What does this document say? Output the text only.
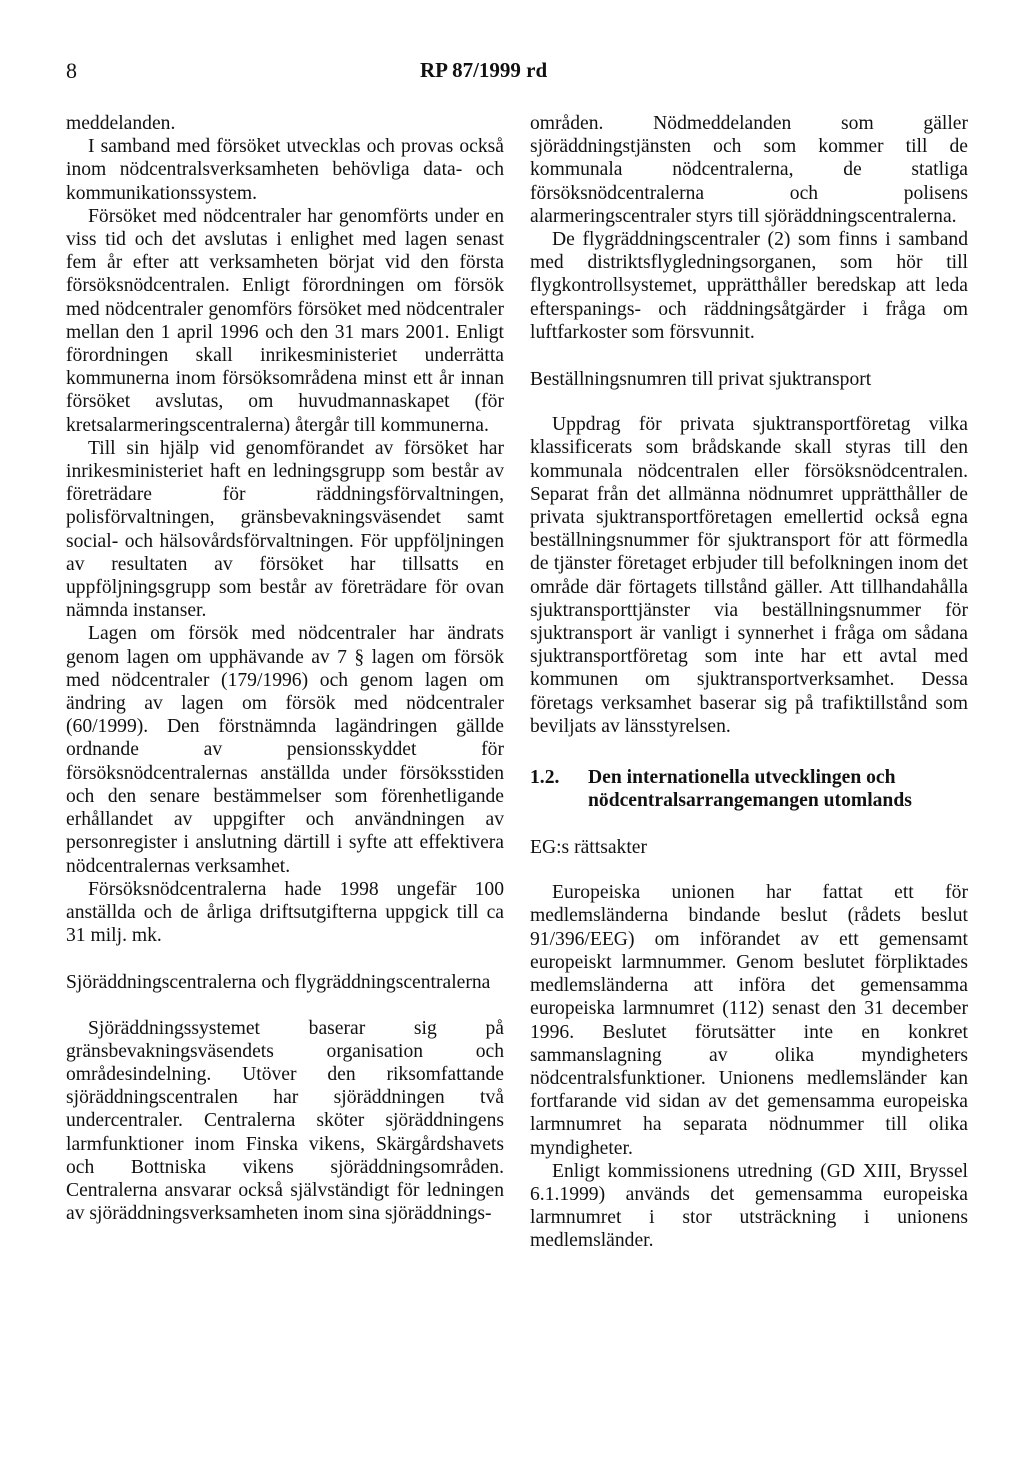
8	RP 87/1999 rd

meddelanden.

I samband med försöket utvecklas och provas också inom nödcentralsverksamheten behövliga data- och kommunikationssystem.

Försöket med nödcentraler har genomförts under en viss tid och det avslutas i enlighet med lagen senast fem år efter att verksamheten börjat vid den första försöksnödcentralen. Enligt förordningen om försök med nödcentraler genomförs försöket med nödcentraler mellan den 1 april 1996 och den 31 mars 2001. Enligt förordningen skall inrikesministeriet underrätta kommunerna inom försöksområdena minst ett år innan försöket avslutas, om huvudmannaskapet (för kretsalarmeringscentralerna) återgår till kommunerna.

Till sin hjälp vid genomförandet av försöket har inrikesministeriet haft en ledningsgrupp som består av företrädare för räddningsförvaltningen, polisförvaltningen, gränsbevakningsväsendet samt social- och hälsovårdsförvaltningen. För uppföljningen av resultaten av försöket har tillsatts en uppföljningsgrupp som består av företrädare för ovan nämnda instanser.

Lagen om försök med nödcentraler har ändrats genom lagen om upphävande av 7 § lagen om försök med nödcentraler (179/1996) och genom lagen om ändring av lagen om försök med nödcentraler (60/1999). Den förstnämnda lagändringen gällde ordnande av pensionsskyddet för försöksnödcentralernas anställda under försöksstiden och den senare bestämmelser som förenhetligande erhållandet av uppgifter och användningen av personregister i anslutning därtill i syfte att effektivera nödcentralernas verksamhet.

Försöksnödcentralerna hade 1998 ungefär 100 anställda och de årliga driftsutgifterna uppgick till ca 31 milj. mk.

Sjöräddningscentralerna och flygräddningscentralerna

Sjöräddningssystemet baserar sig på gränsbevakningsväsendets organisation och områdesindelning. Utöver den riksomfattande sjöräddningscentralen har sjöräddningen två undercentraler. Centralerna sköter sjöräddningens larmfunktioner inom Finska vikens, Skärgårdshavets och Bottniska vikens sjöräddningsområden. Centralerna ansvarar också självständigt för ledningen av sjöräddningsverksamheten inom sina sjöräddnings-

områden. Nödmeddelanden som gäller sjöräddningstjänsten och som kommer till de kommunala nödcentralerna, de statliga försöksnödcentralerna och polisens alarmeringscentraler styrs till sjöräddningscentralerna.

De flygräddningscentraler (2) som finns i samband med distriktsflygledningsorganen, som hör till flygkontrollsystemet, upprätthåller beredskap att leda efterspanings- och räddningsåtgärder i fråga om luftfarkoster som försvunnit.

Beställningsnumren till privat sjuktransport

Uppdrag för privata sjuktransportföretag vilka klassificerats som brådskande skall styras till den kommunala nödcentralen eller försöksnödcentralen. Separat från det allmänna nödnumret upprätthåller de privata sjuktransportföretagen emellertid också egna beställningsnummer för sjuktransport för att förmedla de tjänster företaget erbjuder till befolkningen inom det område där förtagets tillstånd gäller. Att tillhandahålla sjuktransporttjänster via beställningsnummer för sjuktransport är vanligt i synnerhet i fråga om sådana sjuktransportföretag som inte har ett avtal med kommunen om sjuktransportverksamhet. Dessa företags verksamhet baserar sig på trafiktillstånd som beviljats av länsstyrelsen.

1.2.	Den internationella utvecklingen och nödcentralsarrangemangen utomlands

EG:s rättsakter

Europeiska unionen har fattat ett för medlemsländerna bindande beslut (rådets beslut 91/396/EEG) om införandet av ett gemensamt europeiskt larmnummer. Genom beslutet förpliktades medlemsländerna att införa det gemensamma europeiska larmnumret (112) senast den 31 december 1996. Beslutet förutsätter inte en konkret sammanslagning av olika myndigheters nödcentralsfunktioner. Unionens medlemsländer kan fortfarande vid sidan av det gemensamma europeiska larmnumret ha separata nödnummer till olika myndigheter.

Enligt kommissionens utredning (GD XIII, Bryssel 6.1.1999) används det gemensamma europeiska larmnumret i stor utsträckning i unionens medlemsländer.
